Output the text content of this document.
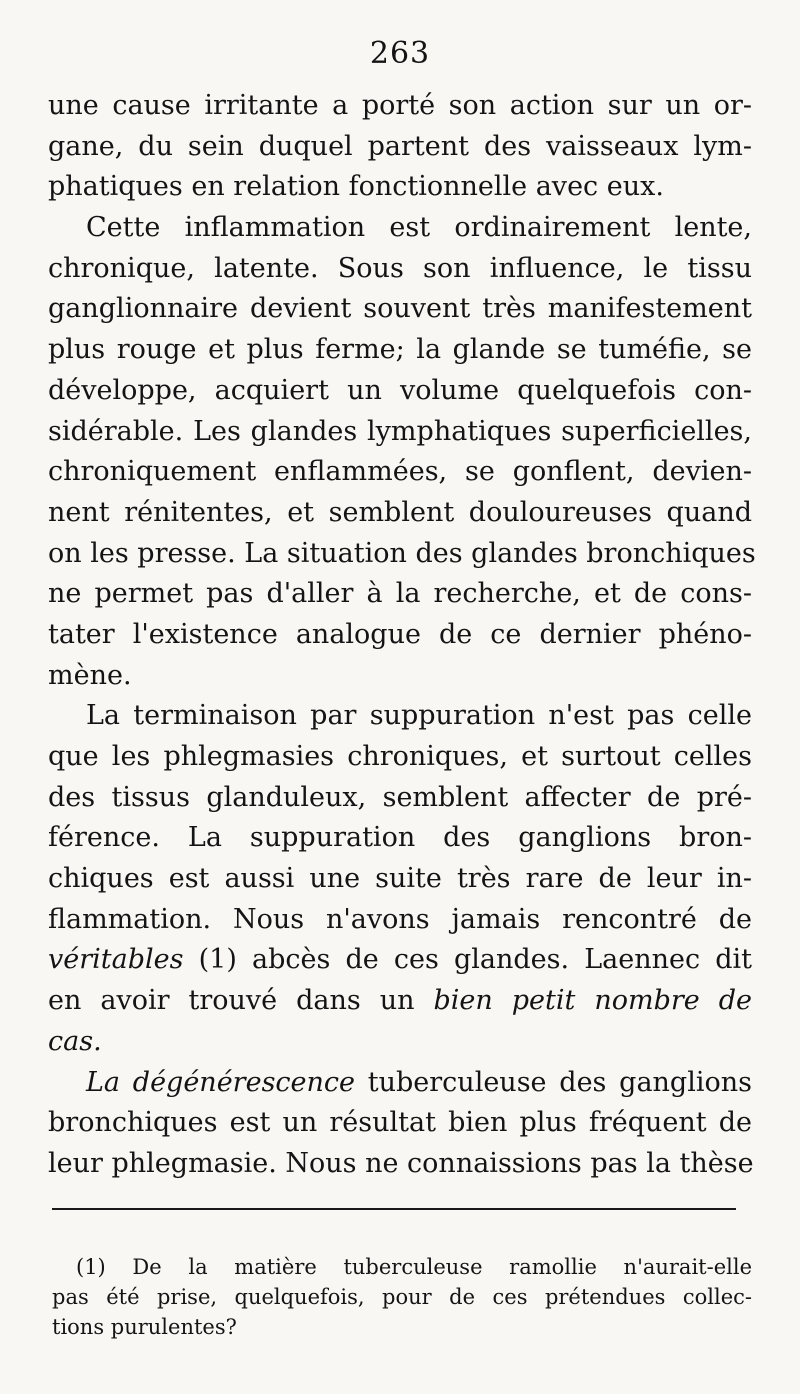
263
une cause irritante a porté son action sur un or-
gane, du sein duquel partent des vaisseaux lym-
phatiques en relation fonctionnelle avec eux.
Cette inflammation est ordinairement lente,
chronique, latente. Sous son influence, le tissu
ganglionnaire devient souvent très manifestement
plus rouge et plus ferme; la glande se tuméfie, se
développe, acquiert un volume quelquefois con-
sidérable. Les glandes lymphatiques superficielles,
chroniquement enflammées, se gonflent, devien-
nent rénitentes, et semblent douloureuses quand
on les presse. La situation des glandes bronchiques
ne permet pas d'aller à la recherche, et de cons-
tater l'existence analogue de ce dernier phéno-
mène.
La terminaison par suppuration n'est pas celle
que les phlegmasies chroniques, et surtout celles
des tissus glanduleux, semblent affecter de pré-
férence. La suppuration des ganglions bron-
chiques est aussi une suite très rare de leur in-
flammation. Nous n'avons jamais rencontré de
véritables (1) abcès de ces glandes. Laennec dit
en avoir trouvé dans un bien petit nombre de
cas.
La dégénérescence tuberculeuse des ganglions
bronchiques est un résultat bien plus fréquent de
leur phlegmasie. Nous ne connaissions pas la thèse
(1) De la matière tuberculeuse ramollie n'aurait-elle
pas été prise, quelquefois, pour de ces prétendues collec-
tions purulentes?
